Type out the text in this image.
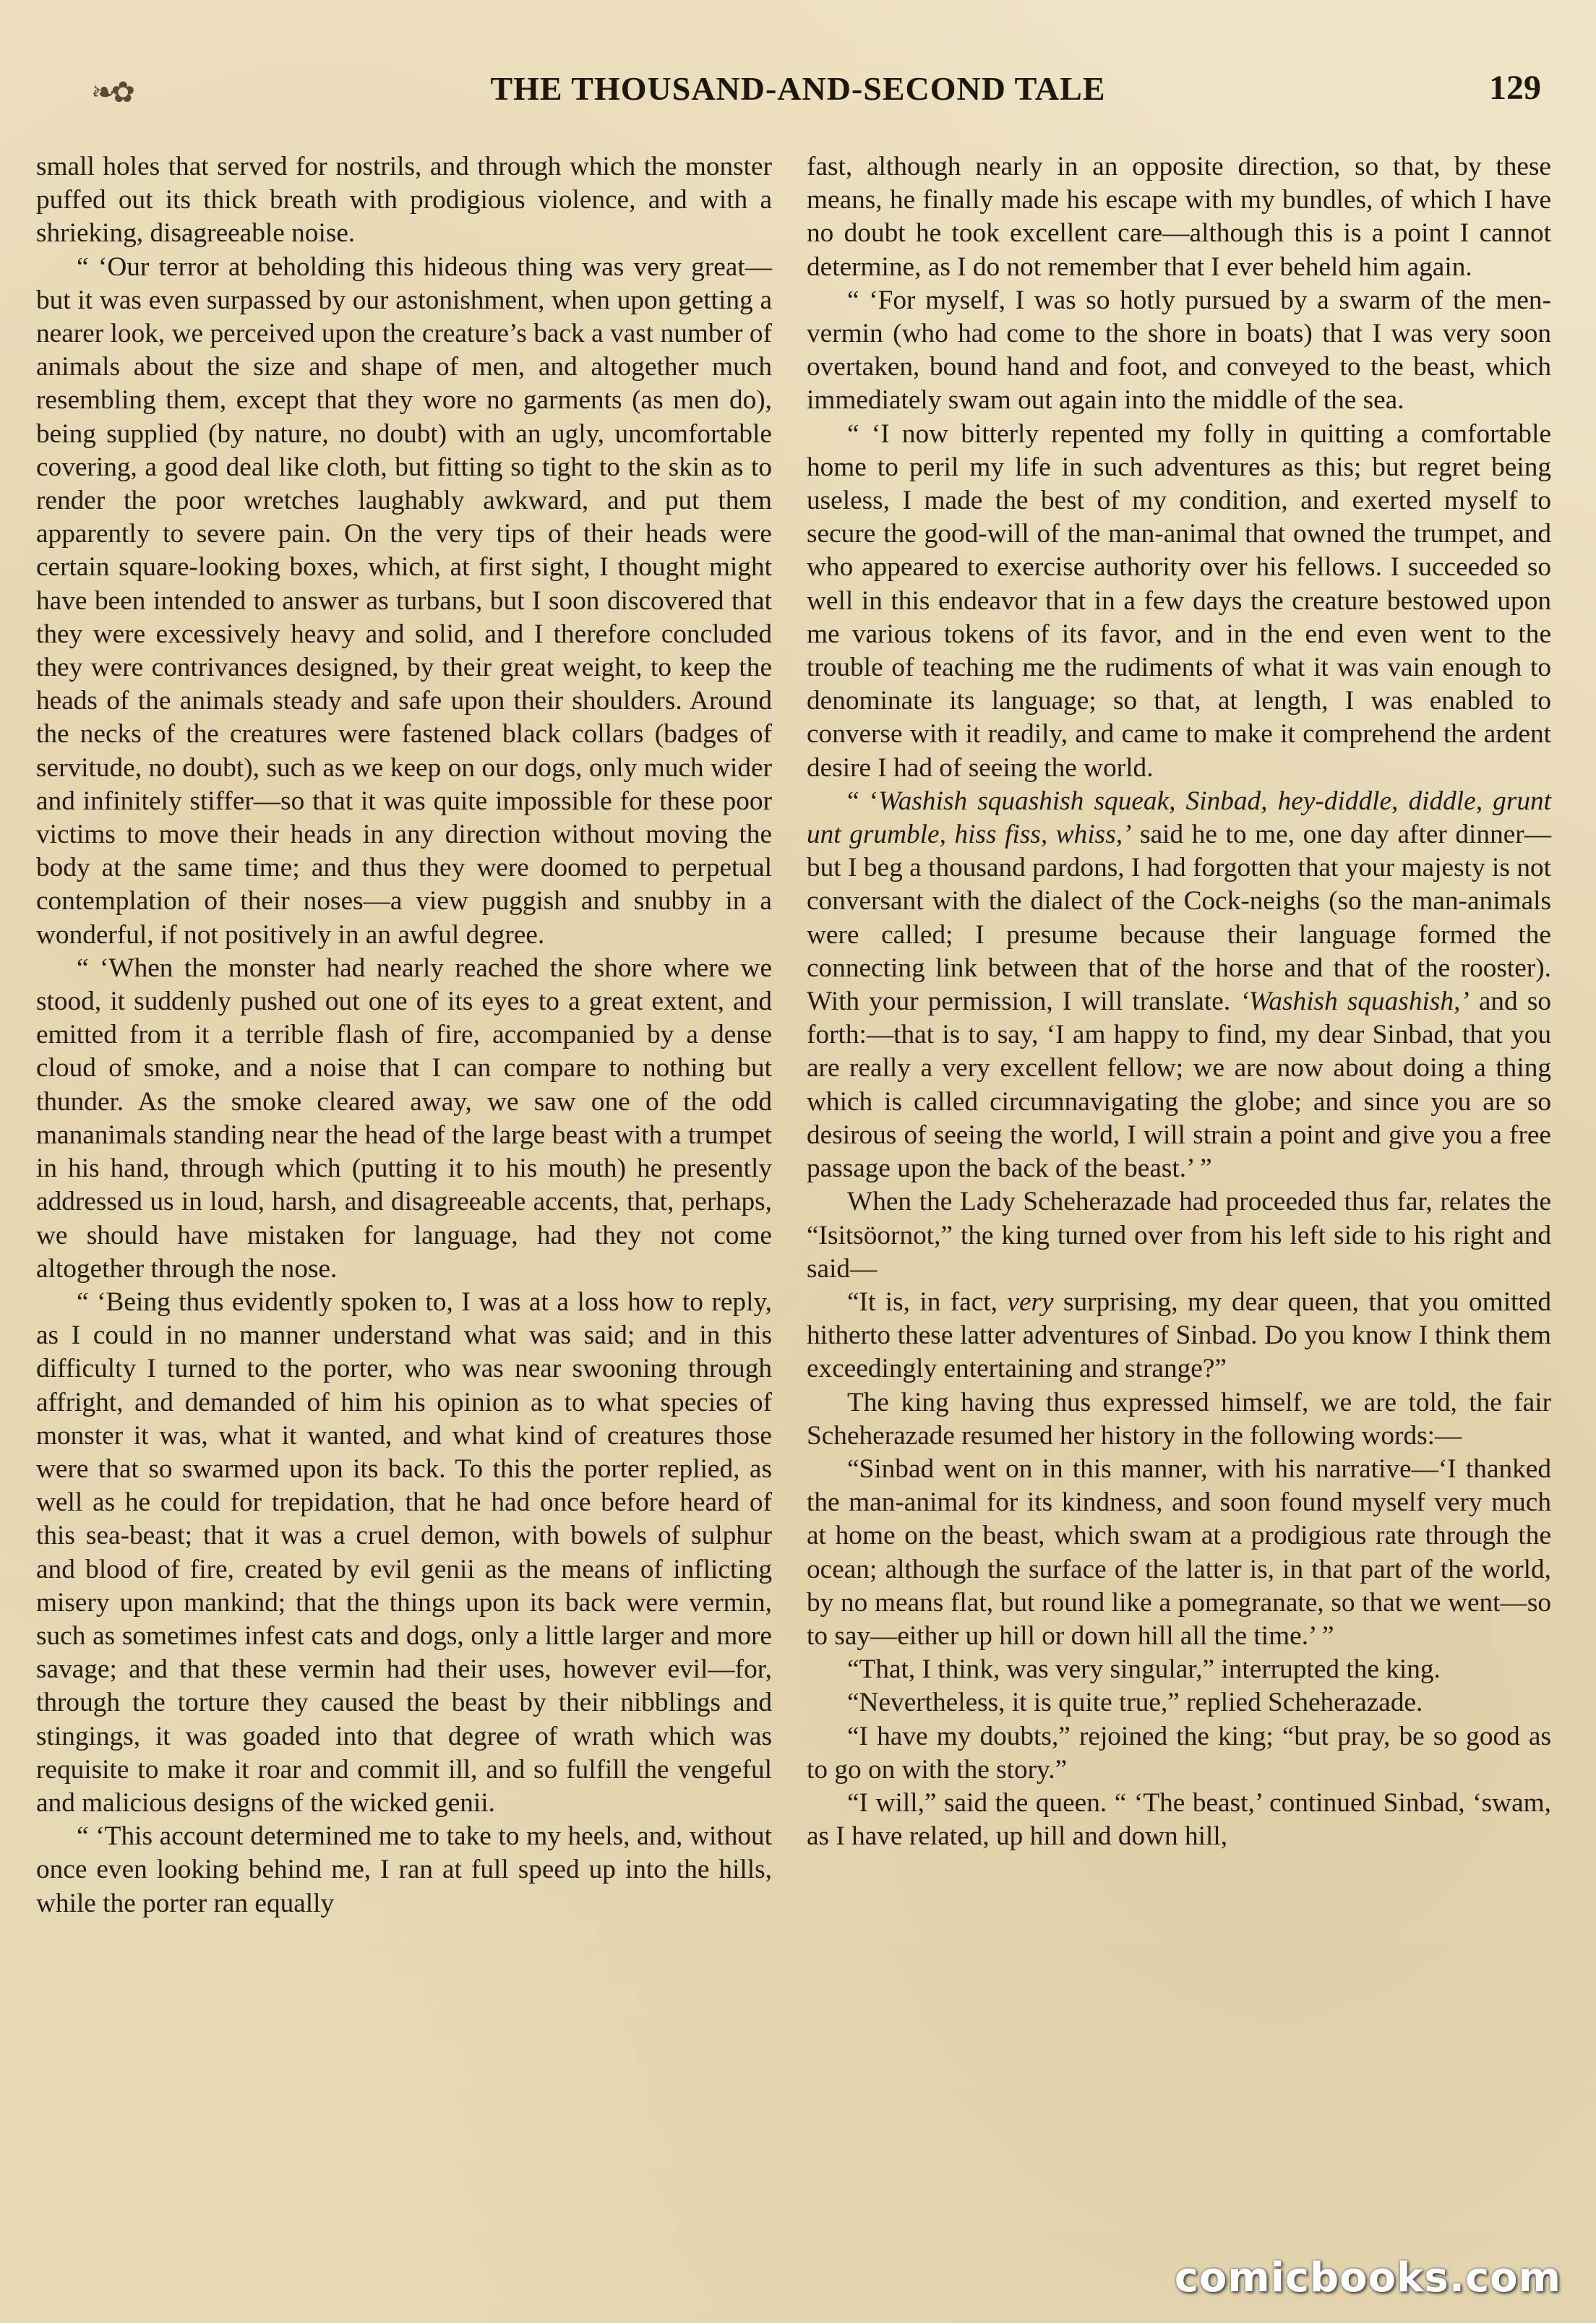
❧✿	THE THOUSAND-AND-SECOND TALE	129

small holes that served for nostrils, and through which the monster puffed out its thick breath with prodigious violence, and with a shrieking, disagreeable noise.

“ ‘Our terror at beholding this hideous thing was very great—but it was even surpassed by our astonishment, when upon getting a nearer look, we perceived upon the creature’s back a vast number of animals about the size and shape of men, and altogether much resembling them, except that they wore no garments (as men do), being supplied (by nature, no doubt) with an ugly, uncomfortable covering, a good deal like cloth, but fitting so tight to the skin as to render the poor wretches laughably awkward, and put them apparently to severe pain. On the very tips of their heads were certain square-looking boxes, which, at first sight, I thought might have been intended to answer as turbans, but I soon discovered that they were excessively heavy and solid, and I therefore concluded they were contrivances designed, by their great weight, to keep the heads of the animals steady and safe upon their shoulders. Around the necks of the creatures were fastened black collars (badges of servitude, no doubt), such as we keep on our dogs, only much wider and infinitely stiffer—so that it was quite impossible for these poor victims to move their heads in any direction without moving the body at the same time; and thus they were doomed to perpetual contemplation of their noses—a view puggish and snubby in a wonderful, if not positively in an awful degree.

“ ‘When the monster had nearly reached the shore where we stood, it suddenly pushed out one of its eyes to a great extent, and emitted from it a terrible flash of fire, accompanied by a dense cloud of smoke, and a noise that I can compare to nothing but thunder. As the smoke cleared away, we saw one of the odd mananimals standing near the head of the large beast with a trumpet in his hand, through which (putting it to his mouth) he presently addressed us in loud, harsh, and disagreeable accents, that, perhaps, we should have mistaken for language, had they not come altogether through the nose.

“ ‘Being thus evidently spoken to, I was at a loss how to reply, as I could in no manner understand what was said; and in this difficulty I turned to the porter, who was near swooning through affright, and demanded of him his opinion as to what species of monster it was, what it wanted, and what kind of creatures those were that so swarmed upon its back. To this the porter replied, as well as he could for trepidation, that he had once before heard of this sea-beast; that it was a cruel demon, with bowels of sulphur and blood of fire, created by evil genii as the means of inflicting misery upon mankind; that the things upon its back were vermin, such as sometimes infest cats and dogs, only a little larger and more savage; and that these vermin had their uses, however evil—for, through the torture they caused the beast by their nibblings and stingings, it was goaded into that degree of wrath which was requisite to make it roar and commit ill, and so fulfill the vengeful and malicious designs of the wicked genii.

“ ‘This account determined me to take to my heels, and, without once even looking behind me, I ran at full speed up into the hills, while the porter ran equally

fast, although nearly in an opposite direction, so that, by these means, he finally made his escape with my bundles, of which I have no doubt he took excellent care—although this is a point I cannot determine, as I do not remember that I ever beheld him again.

“ ‘For myself, I was so hotly pursued by a swarm of the men-vermin (who had come to the shore in boats) that I was very soon overtaken, bound hand and foot, and conveyed to the beast, which immediately swam out again into the middle of the sea.

“ ‘I now bitterly repented my folly in quitting a comfortable home to peril my life in such adventures as this; but regret being useless, I made the best of my condition, and exerted myself to secure the good-will of the man-animal that owned the trumpet, and who appeared to exercise authority over his fellows. I succeeded so well in this endeavor that in a few days the creature bestowed upon me various tokens of its favor, and in the end even went to the trouble of teaching me the rudiments of what it was vain enough to denominate its language; so that, at length, I was enabled to converse with it readily, and came to make it comprehend the ardent desire I had of seeing the world.

“ ‘Washish squashish squeak, Sinbad, hey-diddle, diddle, grunt unt grumble, hiss fiss, whiss,’ said he to me, one day after dinner—but I beg a thousand pardons, I had forgotten that your majesty is not conversant with the dialect of the Cock-neighs (so the man-animals were called; I presume because their language formed the connecting link between that of the horse and that of the rooster). With your permission, I will translate. ‘Washish squashish,’ and so forth:—that is to say, ‘I am happy to find, my dear Sinbad, that you are really a very excellent fellow; we are now about doing a thing which is called circumnavigating the globe; and since you are so desirous of seeing the world, I will strain a point and give you a free passage upon the back of the beast.’ ”

When the Lady Scheherazade had proceeded thus far, relates the “Isitsöornot,” the king turned over from his left side to his right and said—

“It is, in fact, very surprising, my dear queen, that you omitted hitherto these latter adventures of Sinbad. Do you know I think them exceedingly entertaining and strange?”

The king having thus expressed himself, we are told, the fair Scheherazade resumed her history in the following words:—

“Sinbad went on in this manner, with his narrative—‘I thanked the man-animal for its kindness, and soon found myself very much at home on the beast, which swam at a prodigious rate through the ocean; although the surface of the latter is, in that part of the world, by no means flat, but round like a pomegranate, so that we went—so to say—either up hill or down hill all the time.’ ”

“That, I think, was very singular,” interrupted the king.

“Nevertheless, it is quite true,” replied Scheherazade.

“I have my doubts,” rejoined the king; “but pray, be so good as to go on with the story.”

“I will,” said the queen. “ ‘The beast,’ continued Sinbad, ‘swam, as I have related, up hill and down hill,

comicbooks.com
